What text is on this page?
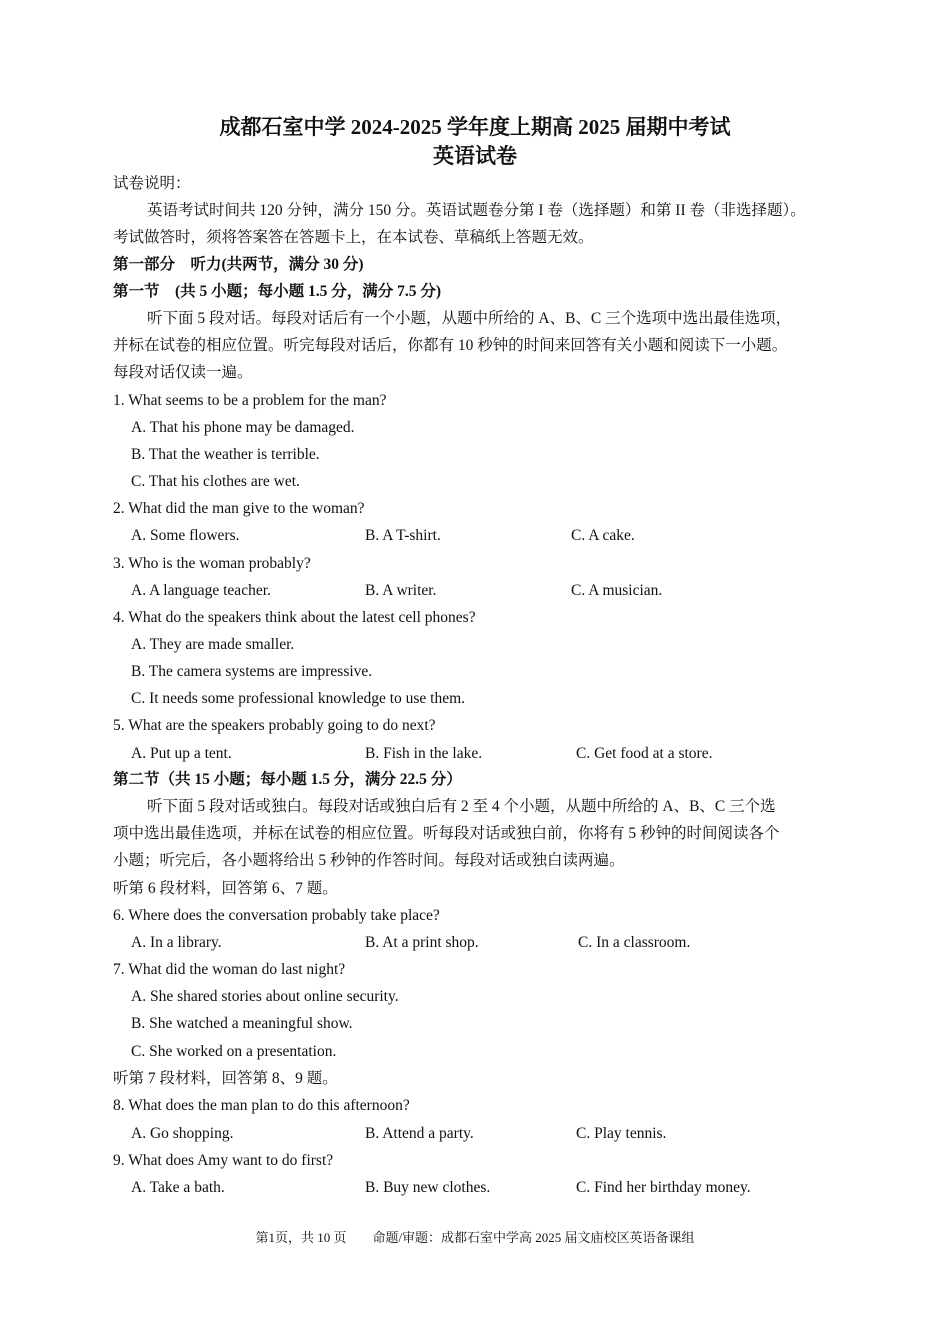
成都石室中学 2024-2025 学年度上期高 2025 届期中考试
英语试卷
试卷说明：
英语考试时间共 120 分钟，满分 150 分。英语试题卷分第 I 卷（选择题）和第 II 卷（非选择题）。
考试做答时，须将答案答在答题卡上，在本试卷、草稿纸上答题无效。
第一部分　听力(共两节，满分 30 分)
第一节　(共 5 小题；每小题 1.5 分，满分 7.5 分)
听下面 5 段对话。每段对话后有一个小题，从题中所给的 A、B、C 三个选项中选出最佳选项，
并标在试卷的相应位置。听完每段对话后，你都有 10 秒钟的时间来回答有关小题和阅读下一小题。
每段对话仅读一遍。
1. What seems to be a problem for the man?
A. That his phone may be damaged.
B. That the weather is terrible.
C. That his clothes are wet.
2. What did the man give to the woman?
A. Some flowers.	B. A T-shirt.	C. A cake.
3. Who is the woman probably?
A. A language teacher.	B. A writer.	C. A musician.
4. What do the speakers think about the latest cell phones?
A. They are made smaller.
B. The camera systems are impressive.
C. It needs some professional knowledge to use them.
5. What are the speakers probably going to do next?
A. Put up a tent.	B. Fish in the lake.	C. Get food at a store.
第二节（共 15 小题；每小题 1.5 分，满分 22.5 分）
听下面 5 段对话或独白。每段对话或独白后有 2 至 4 个小题，从题中所给的 A、B、C 三个选
项中选出最佳选项，并标在试卷的相应位置。听每段对话或独白前，你将有 5 秒钟的时间阅读各个
小题；听完后，各小题将给出 5 秒钟的作答时间。每段对话或独白读两遍。
听第 6 段材料，回答第 6、7 题。
6. Where does the conversation probably take place?
A. In a library.	B. At a print shop.	C. In a classroom.
7. What did the woman do last night?
A. She shared stories about online security.
B. She watched a meaningful show.
C. She worked on a presentation.
听第 7 段材料，回答第 8、9 题。
8. What does the man plan to do this afternoon?
A. Go shopping.	B. Attend a party.	C. Play tennis.
9. What does Amy want to do first?
A. Take a bath.	B. Buy new clothes.	C. Find her birthday money.
第1页，共 10 页　　命题/审题：成都石室中学高 2025 届文庙校区英语备课组
